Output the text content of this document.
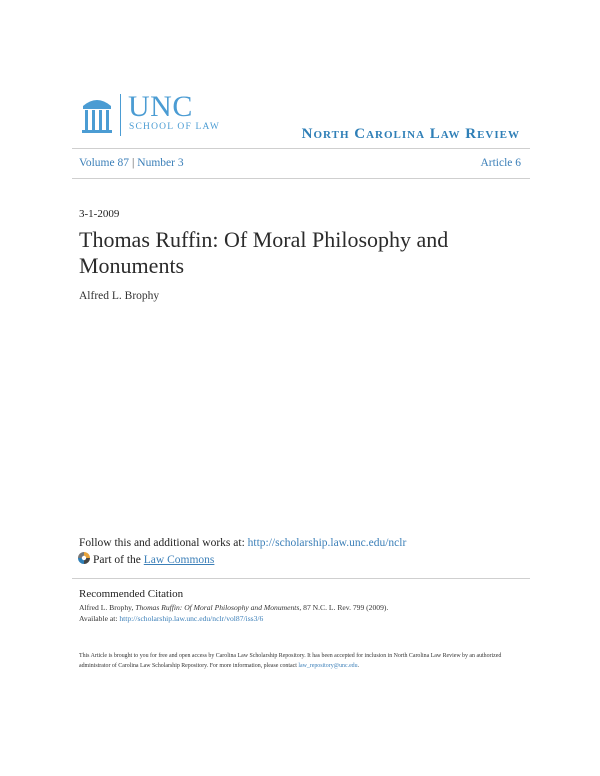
UNC
SCHOOL OF LAW	North Carolina Law Review
Volume 87 | Number 3	Article 6
3-1-2009
Thomas Ruffin: Of Moral Philosophy and Monuments
Alfred L. Brophy
Follow this and additional works at: http://scholarship.law.unc.edu/nclr
Part of the Law Commons
Recommended Citation
Alfred L. Brophy, Thomas Ruffin: Of Moral Philosophy and Monuments, 87 N.C. L. Rev. 799 (2009).
Available at: http://scholarship.law.unc.edu/nclr/vol87/iss3/6
This Article is brought to you for free and open access by Carolina Law Scholarship Repository. It has been accepted for inclusion in North Carolina Law Review by an authorized administrator of Carolina Law Scholarship Repository. For more information, please contact law_repository@unc.edu.
